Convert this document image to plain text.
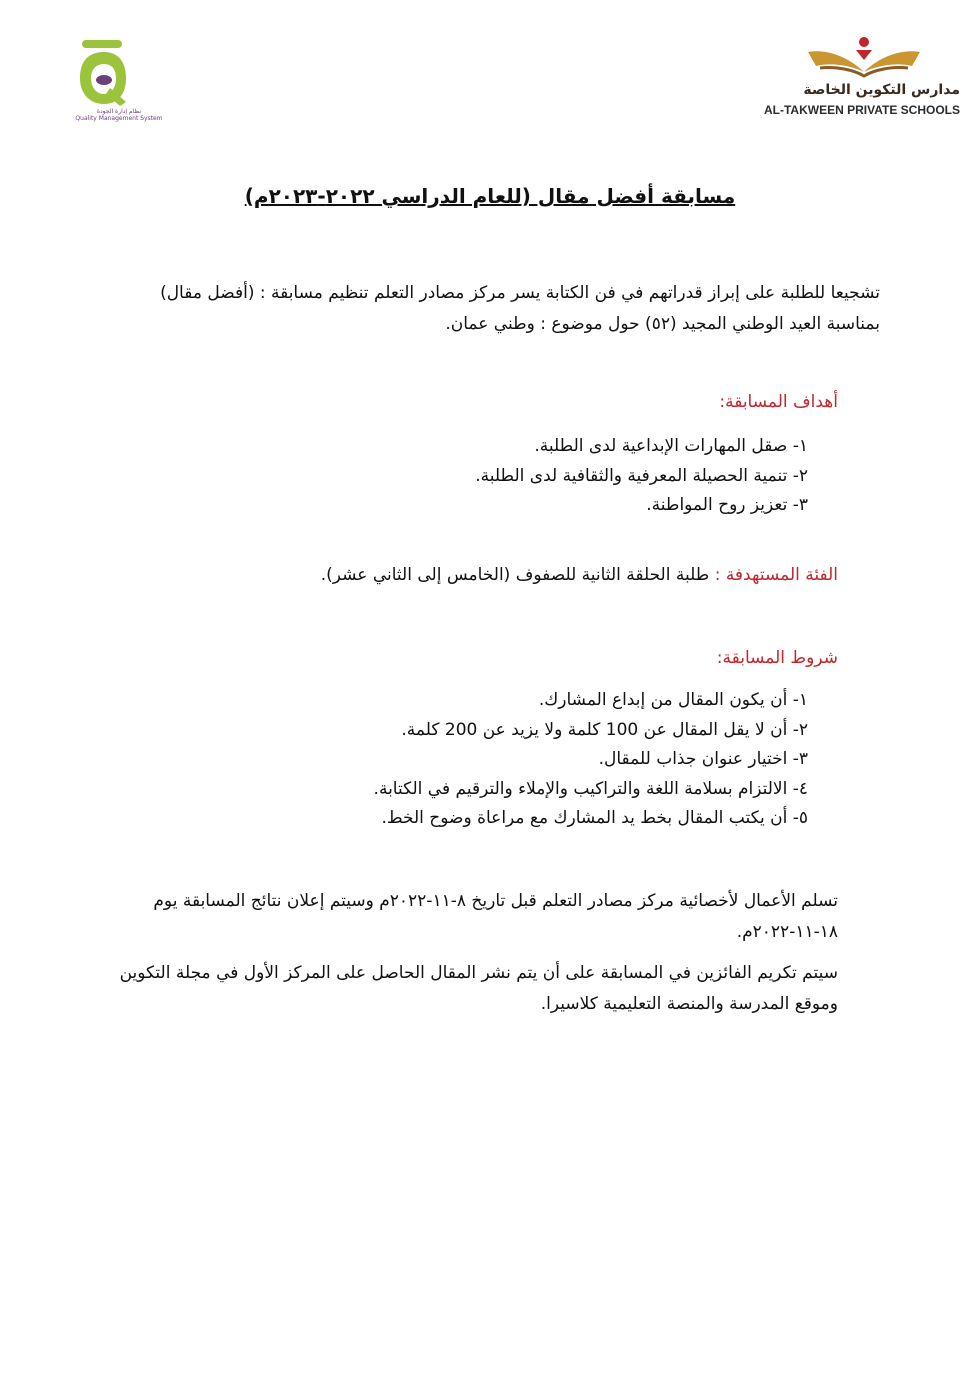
نظام إدارة الجودة
Quality Management System
مدارس التكوين الخاصة
AL-TAKWEEN PRIVATE SCHOOLS
مسابقة أفضل مقال (للعام الدراسي ٢٠٢٢-٢٠٢٣م)
تشجيعا للطلبة على إبراز قدراتهم في فن الكتابة يسر مركز مصادر التعلم تنظيم مسابقة : (أفضل مقال)
بمناسبة العيد الوطني المجيد (٥٢) حول موضوع : وطني عمان.
أهداف المسابقة:
١- صقل المهارات الإبداعية لدى الطلبة.
٢- تنمية الحصيلة المعرفية والثقافية لدى الطلبة.
٣- تعزيز روح المواطنة.
الفئة المستهدفة : طلبة الحلقة الثانية للصفوف (الخامس إلى الثاني عشر).
شروط المسابقة:
١- أن يكون المقال من إبداع المشارك.
٢- أن لا يقل المقال عن 100 كلمة ولا يزيد عن 200 كلمة.
٣- اختيار عنوان جذاب للمقال.
٤- الالتزام بسلامة اللغة والتراكيب والإملاء والترقيم في الكتابة.
٥- أن يكتب المقال بخط يد المشارك مع مراعاة وضوح الخط.
تسلم الأعمال لأخصائية مركز مصادر التعلم قبل تاريخ ٨-١١-٢٠٢٢م وسيتم إعلان نتائج المسابقة يوم
١٨-١١-٢٠٢٢م.
سيتم تكريم الفائزين في المسابقة على أن يتم نشر المقال الحاصل على المركز الأول في مجلة التكوين
وموقع المدرسة والمنصة التعليمية كلاسيرا.
